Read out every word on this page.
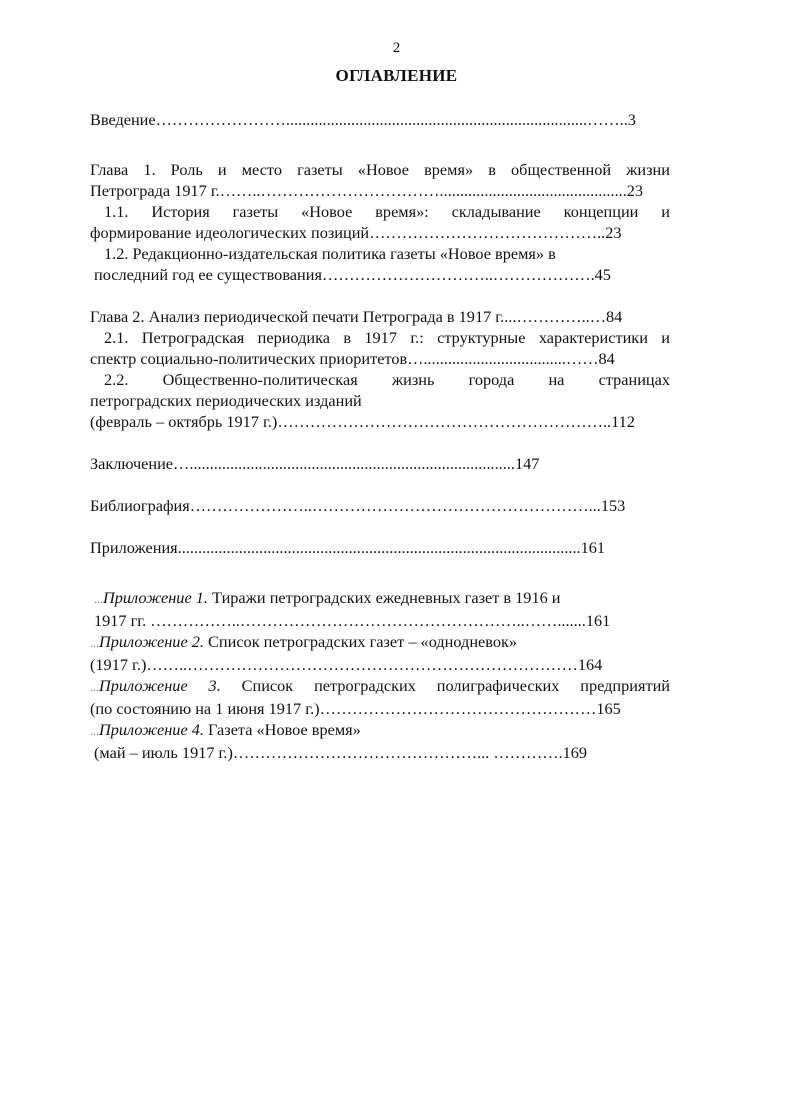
2
ОГЛАВЛЕНИЕ
Введение……………………..........................................................................……..3
Глава 1. Роль и место газеты «Новое время» в общественной жизни
Петрограда 1917 г.……..……………………………..............................................23
1.1. История газеты «Новое время»: складывание концепции и
формирование идеологических позиций……………………………………..23
1.2. Редакционно-издательская политика газеты «Новое время» в
последний год ее существования…………………………..……………….45
Глава 2. Анализ периодической печати Петрограда в 1917 г....…………..…84
2.1. Петроградская периодика в 1917 г.: структурные характеристики и
спектр социально-политических приоритетов…...................................……84
2.2. Общественно-политическая жизнь города на страницах
петроградских периодических изданий
(февраль – октябрь 1917 г.)……………………………………………………..112
Заключение…................................................................................147
Библиография…………………..……………………………………………...153
Приложения...................................................................................................161
...Приложение 1. Тиражи петроградских ежедневных газет в 1916 и
1917 гг. ……………..……………………………………………..…….......161
...Приложение 2. Список петроградских газет – «однодневок»
(1917 г.)……..………………………………………………………………164
...Приложение 3. Список петроградских полиграфических предприятий
(по состоянию на 1 июня 1917 г.)……………………………………………165
...Приложение 4. Газета «Новое время»
(май – июль 1917 г.)………………………………………... ………….169
